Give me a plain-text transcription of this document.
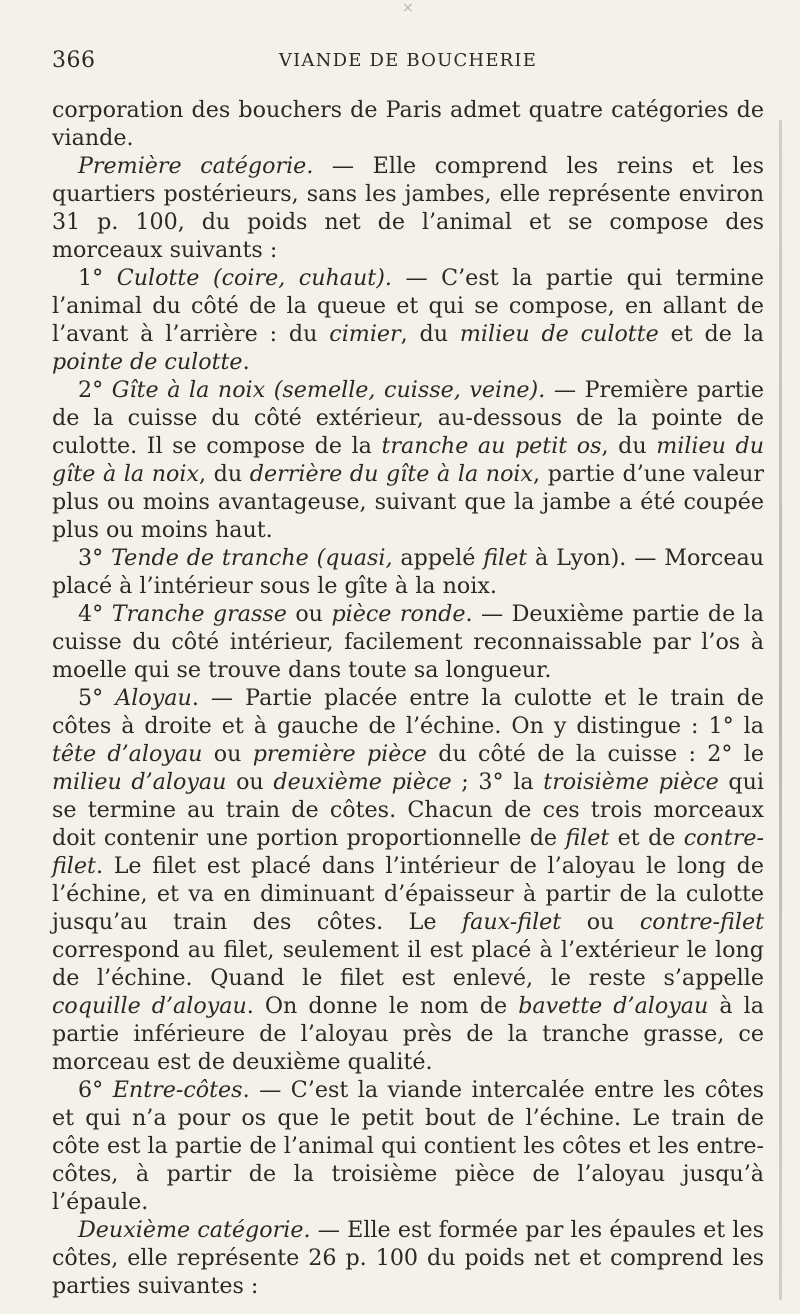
366	VIANDE DE BOUCHERIE

corporation des bouchers de Paris admet quatre catégories de viande.

Première catégorie. — Elle comprend les reins et les quartiers postérieurs, sans les jambes, elle représente environ 31 p. 100, du poids net de l’animal et se compose des morceaux suivants :

1° Culotte (coire, cuhaut). — C’est la partie qui termine l’animal du côté de la queue et qui se compose, en allant de l’avant à l’arrière : du cimier, du milieu de culotte et de la pointe de culotte.

2° Gîte à la noix (semelle, cuisse, veine). — Première partie de la cuisse du côté extérieur, au-dessous de la pointe de culotte. Il se compose de la tranche au petit os, du milieu du gîte à la noix, du derrière du gîte à la noix, partie d’une valeur plus ou moins avantageuse, suivant que la jambe a été coupée plus ou moins haut.

3° Tende de tranche (quasi, appelé filet à Lyon). — Morceau placé à l’intérieur sous le gîte à la noix.

4° Tranche grasse ou pièce ronde. — Deuxième partie de la cuisse du côté intérieur, facilement reconnaissable par l’os à moelle qui se trouve dans toute sa longueur.

5° Aloyau. — Partie placée entre la culotte et le train de côtes à droite et à gauche de l’échine. On y distingue : 1° la tête d’aloyau ou première pièce du côté de la cuisse : 2° le milieu d’aloyau ou deuxième pièce ; 3° la troisième pièce qui se termine au train de côtes. Chacun de ces trois morceaux doit contenir une portion proportionnelle de filet et de contre-filet. Le filet est placé dans l’intérieur de l’aloyau le long de l’échine, et va en diminuant d’épaisseur à partir de la culotte jusqu’au train des côtes. Le faux-filet ou contre-filet correspond au filet, seulement il est placé à l’extérieur le long de l’échine. Quand le filet est enlevé, le reste s’appelle coquille d’aloyau. On donne le nom de bavette d’aloyau à la partie inférieure de l’aloyau près de la tranche grasse, ce morceau est de deuxième qualité.

6° Entre-côtes. — C’est la viande intercalée entre les côtes et qui n’a pour os que le petit bout de l’échine. Le train de côte est la partie de l’animal qui contient les côtes et les entre-côtes, à partir de la troisième pièce de l’aloyau jusqu’à l’épaule.

Deuxième catégorie. — Elle est formée par les épaules et les côtes, elle représente 26 p. 100 du poids net et comprend les parties suivantes :

×
